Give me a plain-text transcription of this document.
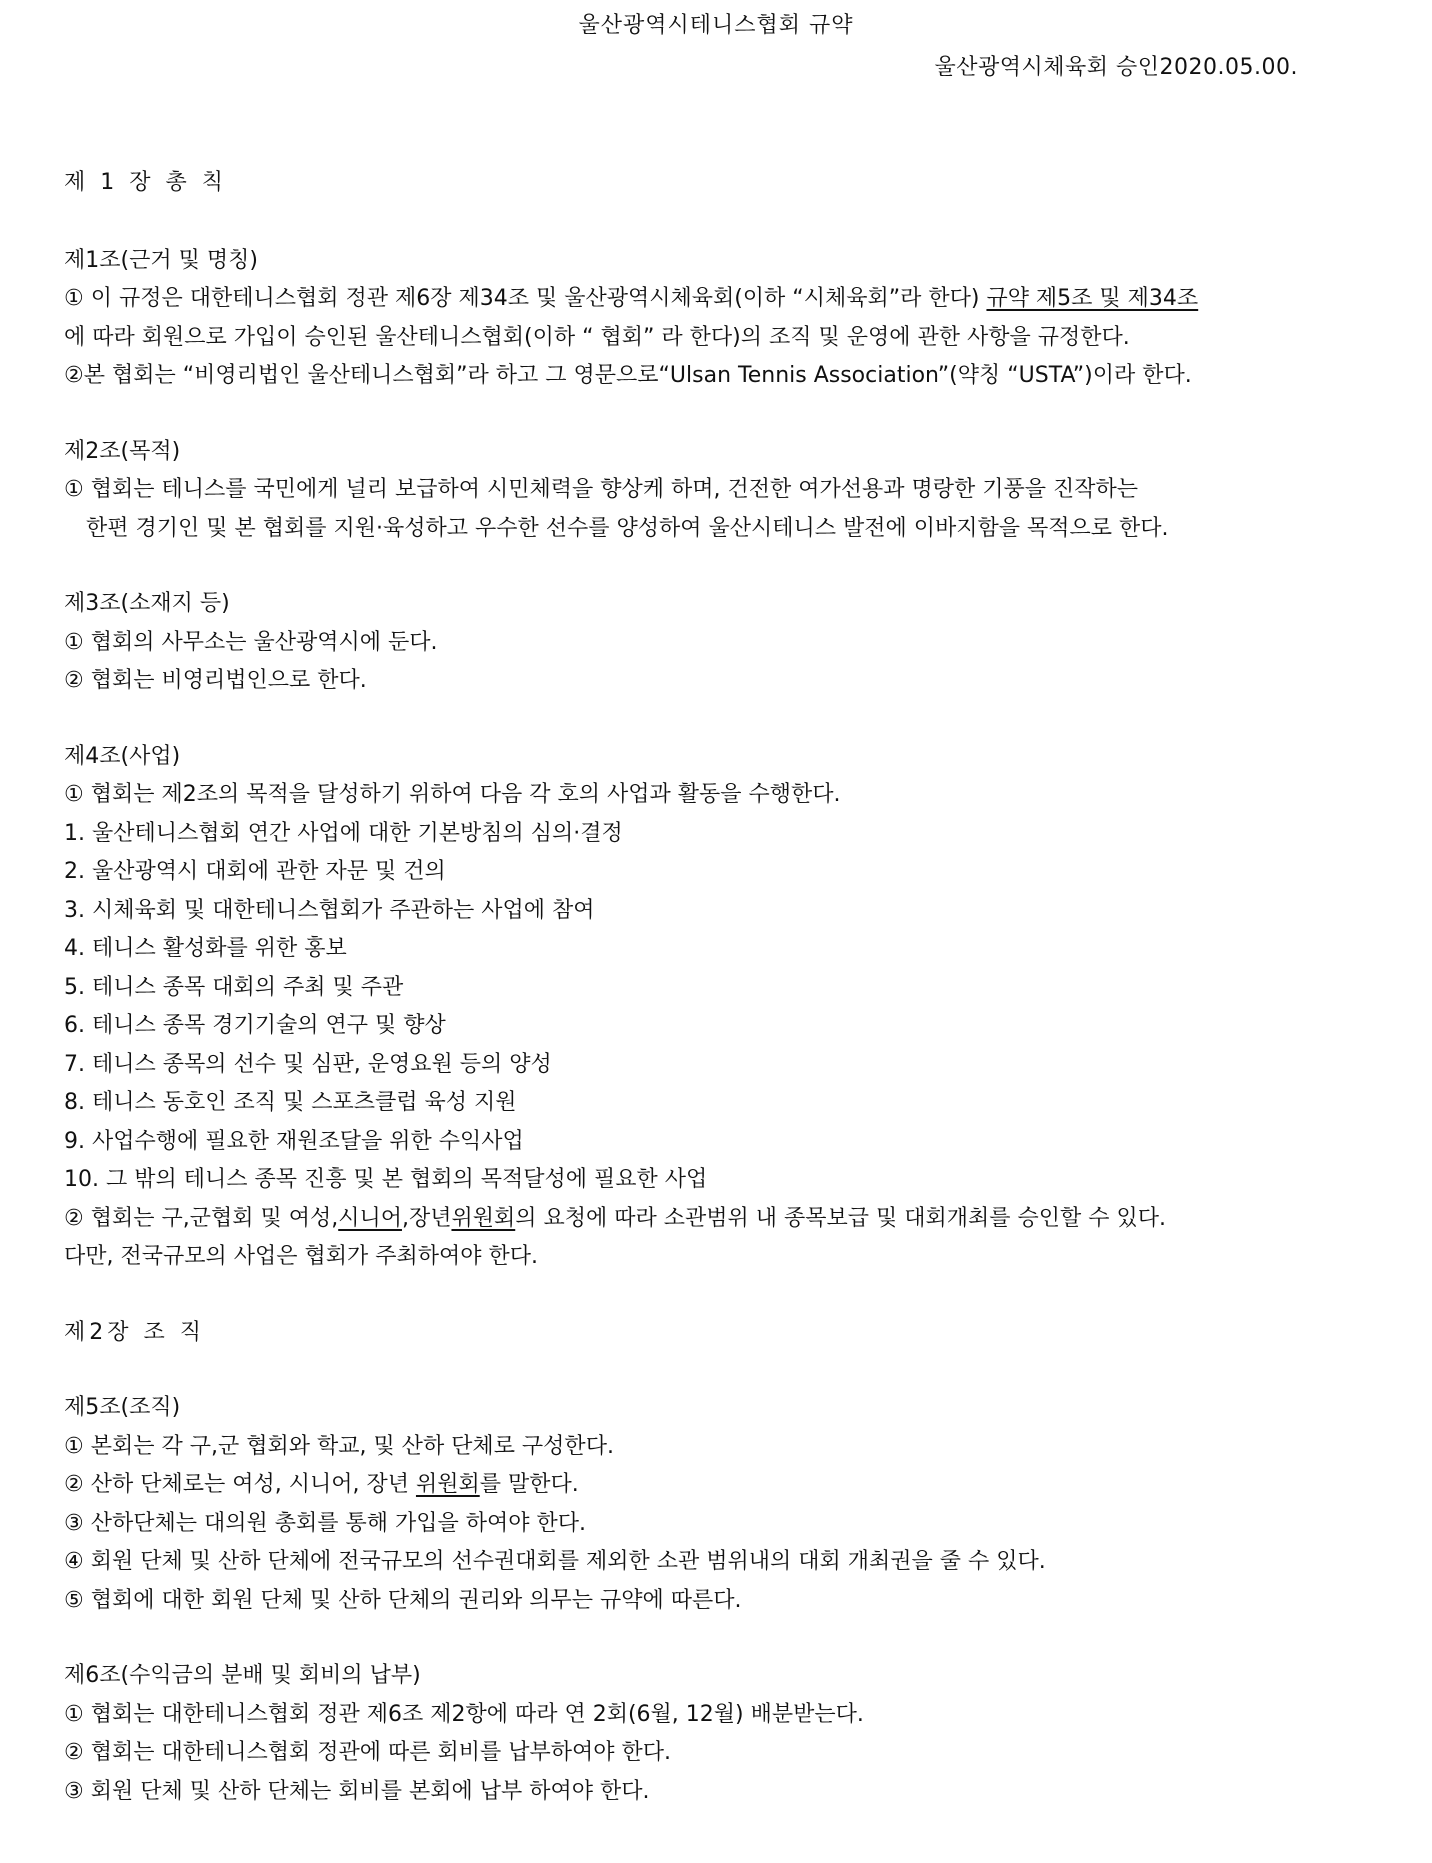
울산광역시테니스협회 규약
울산광역시체육회 승인2020.05.00.
제 1 장 총 칙
제1조(근거 및 명칭)
① 이 규정은 대한테니스협회 정관 제6장 제34조 및 울산광역시체육회(이하 “시체육회”라 한다) 규약 제5조 및 제34조
에 따라 회원으로 가입이 승인된 울산테니스협회(이하 “ 협회” 라 한다)의 조직 및 운영에 관한 사항을 규정한다.
②본 협회는 “비영리법인 울산테니스협회”라 하고 그 영문으로“Ulsan Tennis Association”(약칭 “USTA”)이라 한다.
제2조(목적)
① 협회는 테니스를 국민에게 널리 보급하여 시민체력을 향상케 하며, 건전한 여가선용과 명랑한 기풍을 진작하는
한편 경기인 및 본 협회를 지원·육성하고 우수한 선수를 양성하여 울산시테니스 발전에 이바지함을 목적으로 한다.
제3조(소재지 등)
① 협회의 사무소는 울산광역시에 둔다.
② 협회는 비영리법인으로 한다.
제4조(사업)
① 협회는 제2조의 목적을 달성하기 위하여 다음 각 호의 사업과 활동을 수행한다.
1. 울산테니스협회 연간 사업에 대한 기본방침의 심의·결정
2. 울산광역시 대회에 관한 자문 및 건의
3. 시체육회 및 대한테니스협회가 주관하는 사업에 참여
4. 테니스 활성화를 위한 홍보
5. 테니스 종목 대회의 주최 및 주관
6. 테니스 종목 경기기술의 연구 및 향상
7. 테니스 종목의 선수 및 심판, 운영요원 등의 양성
8. 테니스 동호인 조직 및 스포츠클럽 육성 지원
9. 사업수행에 필요한 재원조달을 위한 수익사업
10. 그 밖의 테니스 종목 진흥 및 본 협회의 목적달성에 필요한 사업
② 협회는 구,군협회 및 여성,시니어,장년위원회의 요청에 따라 소관범위 내 종목보급 및 대회개최를 승인할 수 있다.
다만, 전국규모의 사업은 협회가 주최하여야 한다.
제2장 조 직
제5조(조직)
① 본회는 각 구,군 협회와 학교, 및 산하 단체로 구성한다.
② 산하 단체로는 여성, 시니어, 장년 위원회를 말한다.
③ 산하단체는 대의원 총회를 통해 가입을 하여야 한다.
④ 회원 단체 및 산하 단체에 전국규모의 선수권대회를 제외한 소관 범위내의 대회 개최권을 줄 수 있다.
⑤ 협회에 대한 회원 단체 및 산하 단체의 권리와 의무는 규약에 따른다.
제6조(수익금의 분배 및 회비의 납부)
① 협회는 대한테니스협회 정관 제6조 제2항에 따라 연 2회(6월, 12월) 배분받는다.
② 협회는 대한테니스협회 정관에 따른 회비를 납부하여야 한다.
③ 회원 단체 및 산하 단체는 회비를 본회에 납부 하여야 한다.
